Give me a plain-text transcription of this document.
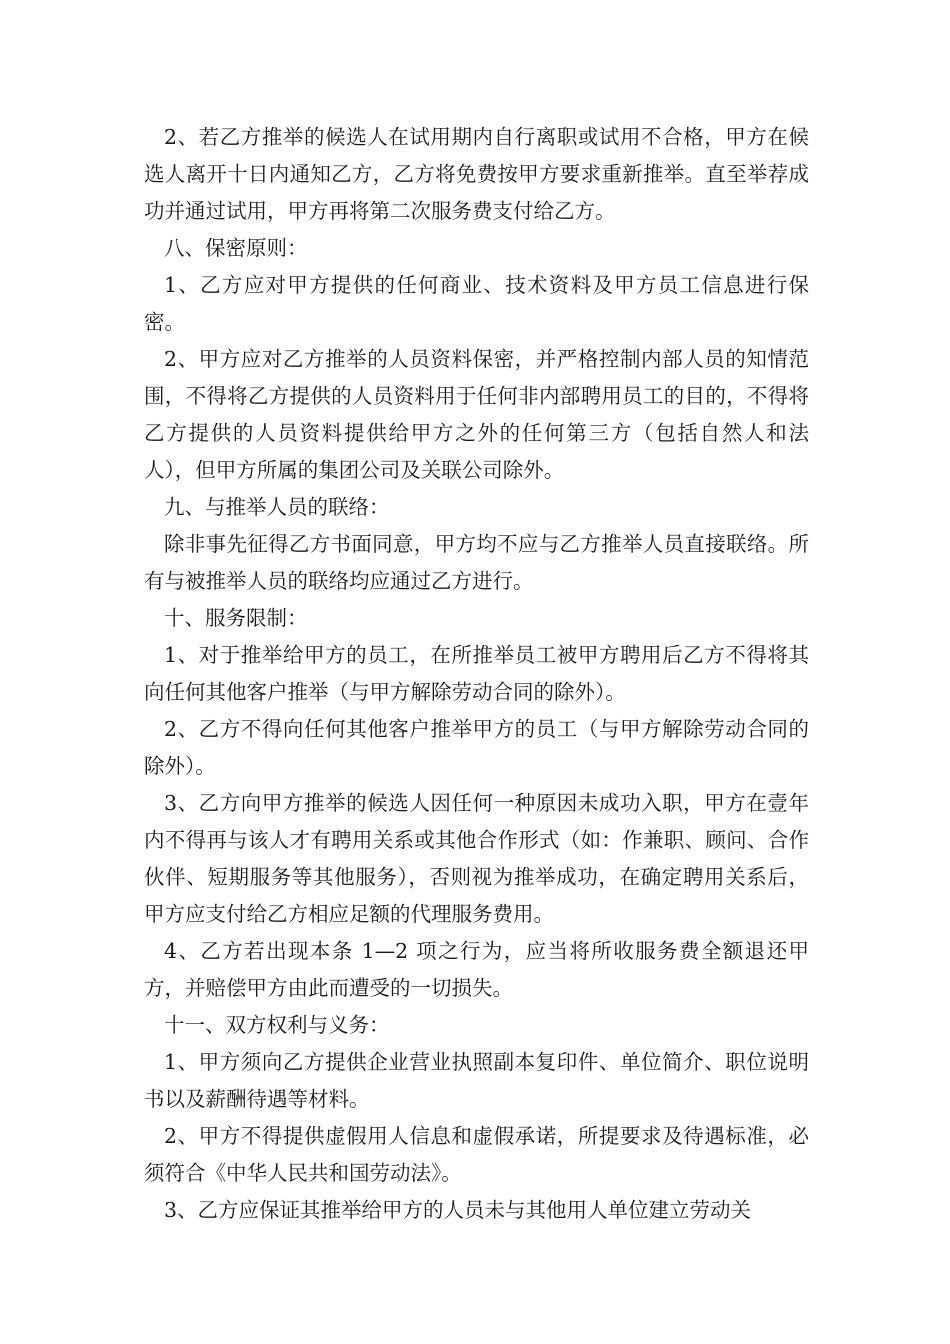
2、若乙方推举的候选人在试用期内自行离职或试用不合格，甲方在候选人离开十日内通知乙方，乙方将免费按甲方要求重新推举。直至举荐成功并通过试用，甲方再将第二次服务费支付给乙方。

八、保密原则：

1、乙方应对甲方提供的任何商业、技术资料及甲方员工信息进行保密。

2、甲方应对乙方推举的人员资料保密，并严格控制内部人员的知情范围，不得将乙方提供的人员资料用于任何非内部聘用员工的目的，不得将乙方提供的人员资料提供给甲方之外的任何第三方（包括自然人和法人），但甲方所属的集团公司及关联公司除外。

九、与推举人员的联络：

除非事先征得乙方书面同意，甲方均不应与乙方推举人员直接联络。所有与被推举人员的联络均应通过乙方进行。

十、服务限制：

1、对于推举给甲方的员工，在所推举员工被甲方聘用后乙方不得将其向任何其他客户推举（与甲方解除劳动合同的除外）。

2、乙方不得向任何其他客户推举甲方的员工（与甲方解除劳动合同的除外）。

3、乙方向甲方推举的候选人因任何一种原因未成功入职，甲方在壹年内不得再与该人才有聘用关系或其他合作形式（如：作兼职、顾问、合作伙伴、短期服务等其他服务），否则视为推举成功，在确定聘用关系后，甲方应支付给乙方相应足额的代理服务费用。

4、乙方若出现本条 1—2 项之行为，应当将所收服务费全额退还甲方，并赔偿甲方由此而遭受的一切损失。

十一、双方权利与义务：

1、甲方须向乙方提供企业营业执照副本复印件、单位简介、职位说明书以及薪酬待遇等材料。

2、甲方不得提供虚假用人信息和虚假承诺，所提要求及待遇标准，必须符合《中华人民共和国劳动法》。

3、乙方应保证其推举给甲方的人员未与其他用人单位建立劳动关
